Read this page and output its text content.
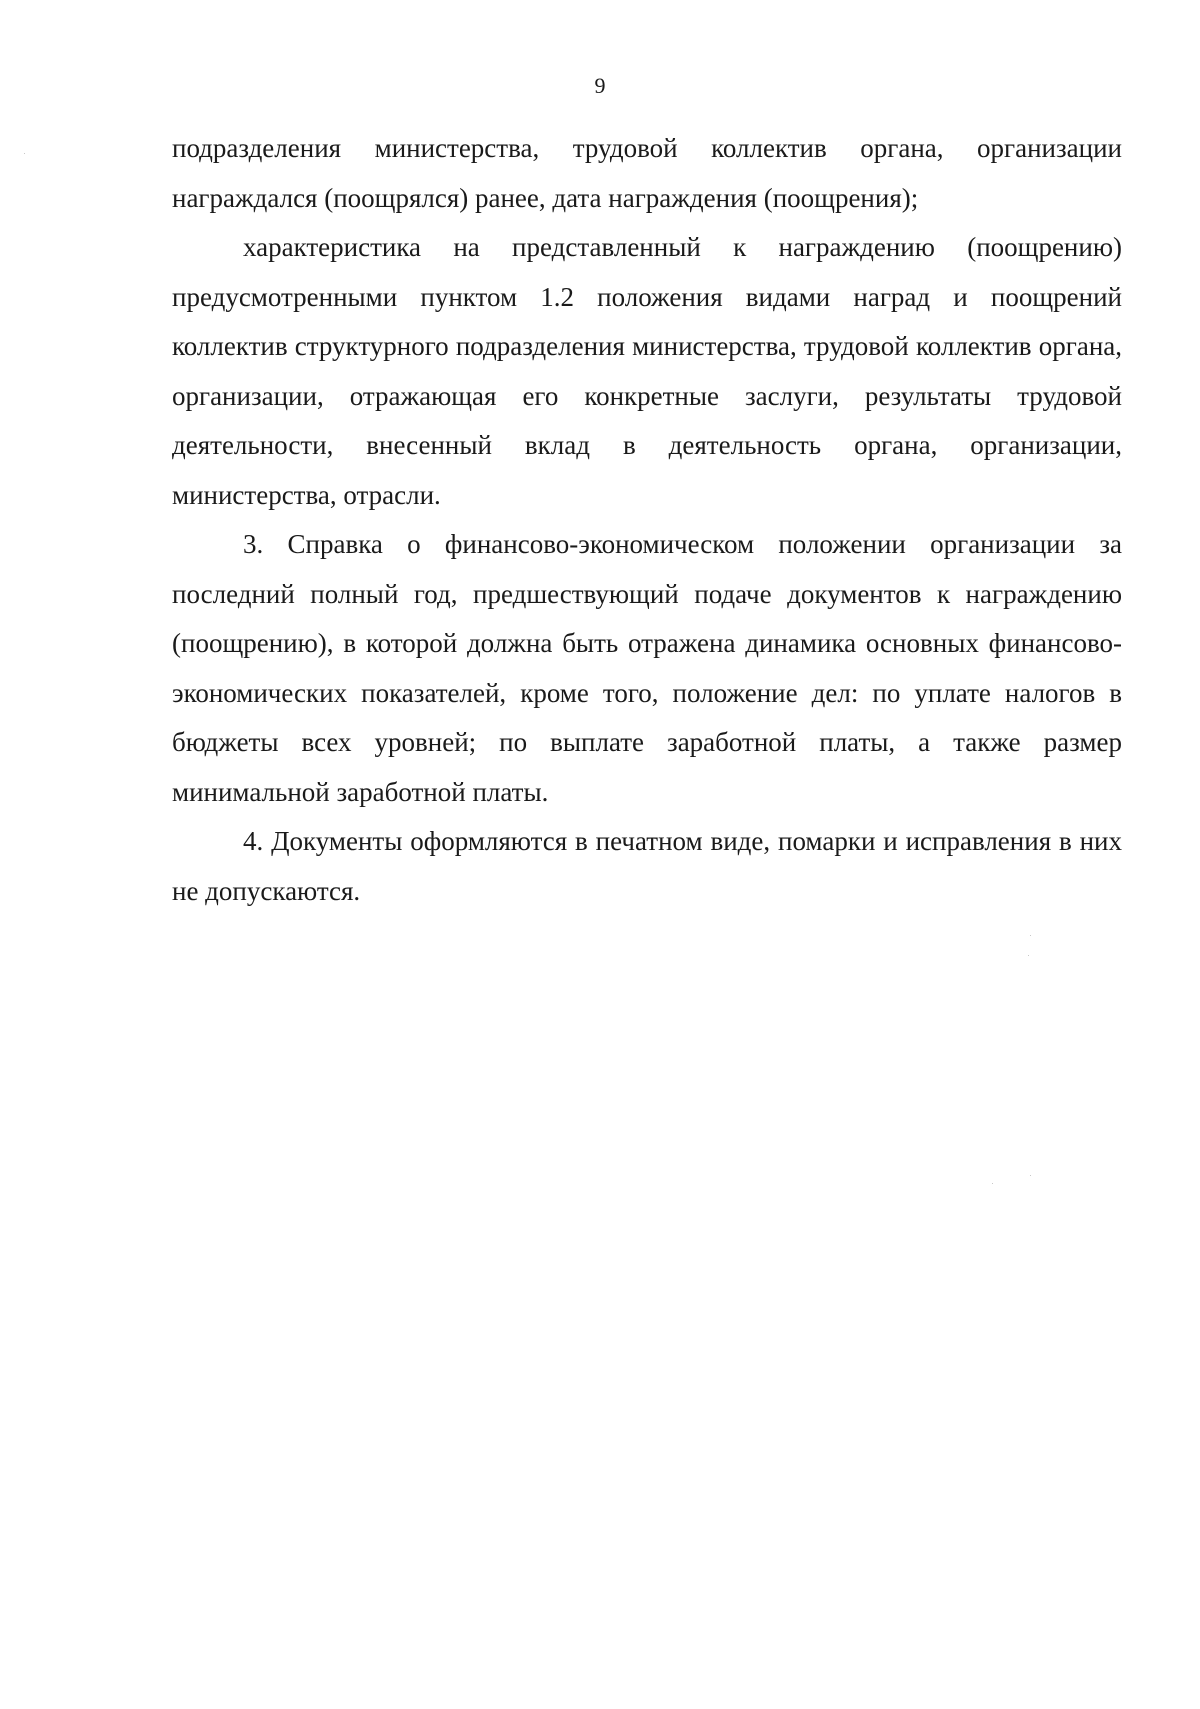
9

подразделения министерства, трудовой коллектив органа, организации награждался (поощрялся) ранее, дата награждения (поощрения);

характеристика на представленный к награждению (поощрению) предусмотренными пунктом 1.2 положения видами наград и поощрений коллектив структурного подразделения министерства, трудовой коллектив органа, организации, отражающая его конкретные заслуги, результаты трудовой деятельности, внесенный вклад в деятельность органа, организации, министерства, отрасли.

3. Справка о финансово-экономическом положении организации за последний полный год, предшествующий подаче документов к награждению (поощрению), в которой должна быть отражена динамика основных финансово-экономических показателей, кроме того, положение дел: по уплате налогов в бюджеты всех уровней; по выплате заработной платы, а также размер минимальной заработной платы.

4. Документы оформляются в печатном виде, помарки и исправления в них не допускаются.
